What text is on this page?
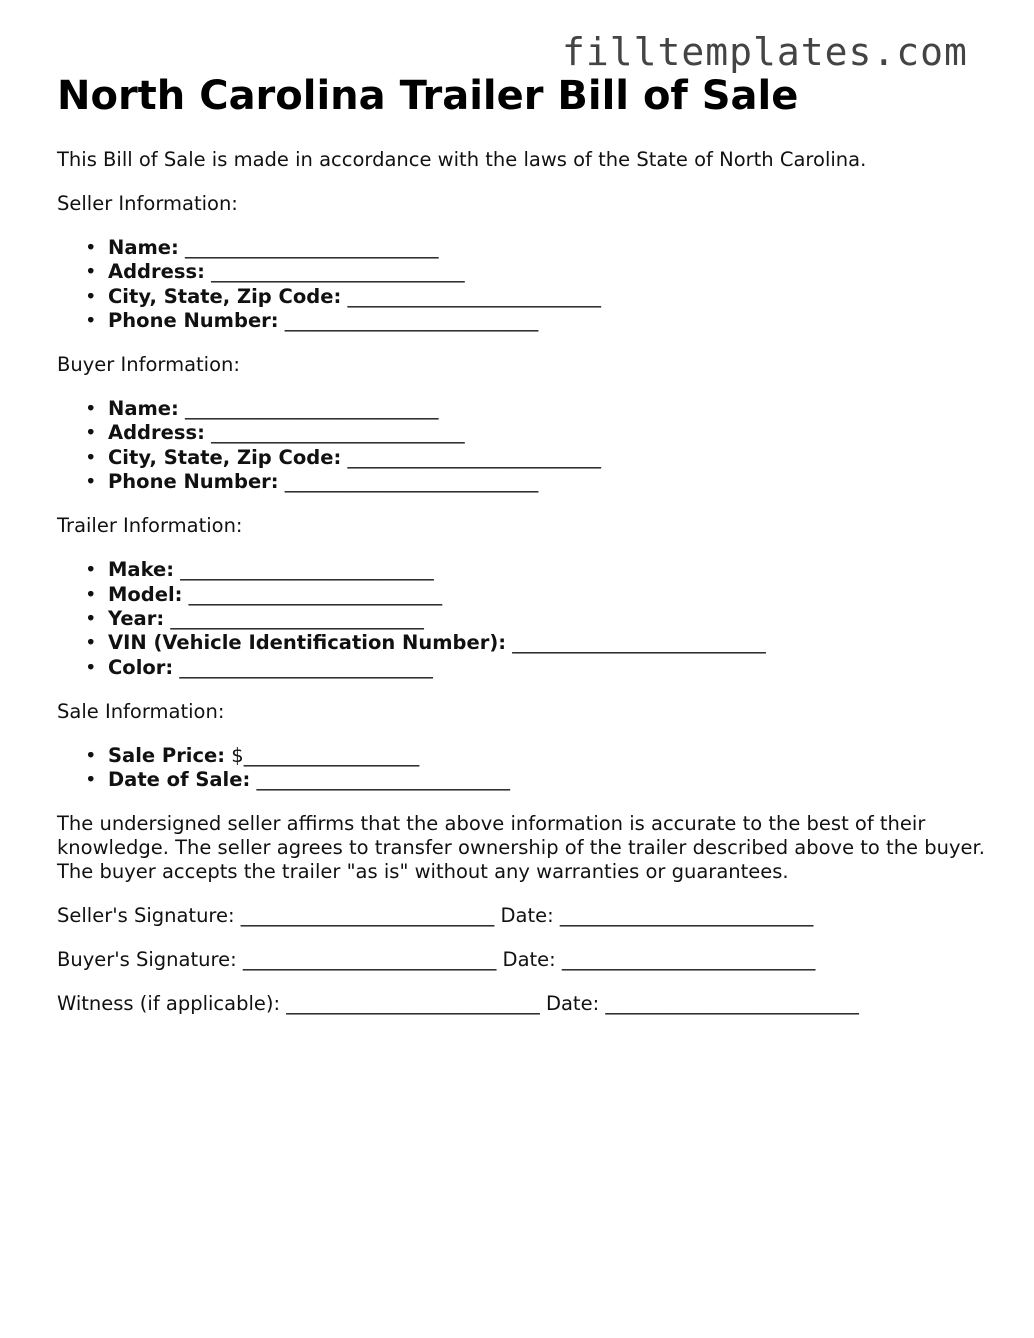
filltemplates.com
North Carolina Trailer Bill of Sale

This Bill of Sale is made in accordance with the laws of the State of North Carolina.

Seller Information:

• Name: __________________________
• Address: __________________________
• City, State, Zip Code: __________________________
• Phone Number: __________________________

Buyer Information:

• Name: __________________________
• Address: __________________________
• City, State, Zip Code: __________________________
• Phone Number: __________________________

Trailer Information:

• Make: __________________________
• Model: __________________________
• Year: __________________________
• VIN (Vehicle Identification Number): __________________________
• Color: __________________________

Sale Information:

• Sale Price: $__________________
• Date of Sale: __________________________

The undersigned seller affirms that the above information is accurate to the best of their knowledge. The seller agrees to transfer ownership of the trailer described above to the buyer. The buyer accepts the trailer "as is" without any warranties or guarantees.

Seller's Signature: __________________________ Date: __________________________

Buyer's Signature: __________________________ Date: __________________________

Witness (if applicable): __________________________ Date: __________________________
